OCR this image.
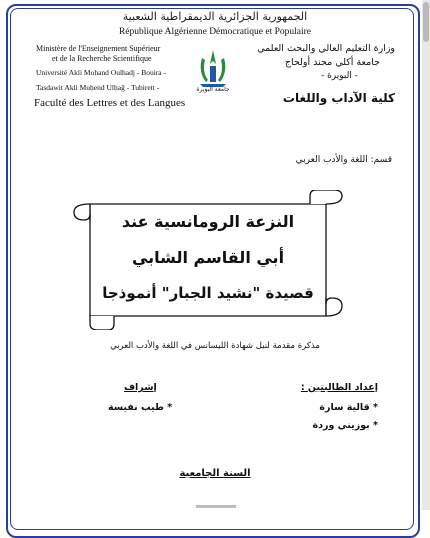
الجمهورية الجزائرية الديمقراطية الشعبية
République Algérienne Démocratique et Populaire
Ministère de l'Enseignement Supérieur
et de la Recherche Scientifique
Université Akli Mohand Oulhadj - Bouira -
Tasdawit Akli Muḥend Ulḥağ - Tubirett -
Faculté des Lettres et des Langues
وزارة التعليم العالي والبحث العلمي
جامعة أكلي محند أولحاج
- البويرة -
كلية الآداب واللغات
جامعة البويرة
قسم: اللغة والأدب العربي
النزعة الرومانسية عند
أبي القاسم الشابي
قصيدة "نشيد الجبار" أنموذجا
مذكرة مقدمة لنيل شهادة الليسانس في اللغة والأدب العربي
إعداد الطالبتين :
* قالية سارة
* بوزيني وردة
إشراف
* طيب نفيسة
السنة الجامعية
